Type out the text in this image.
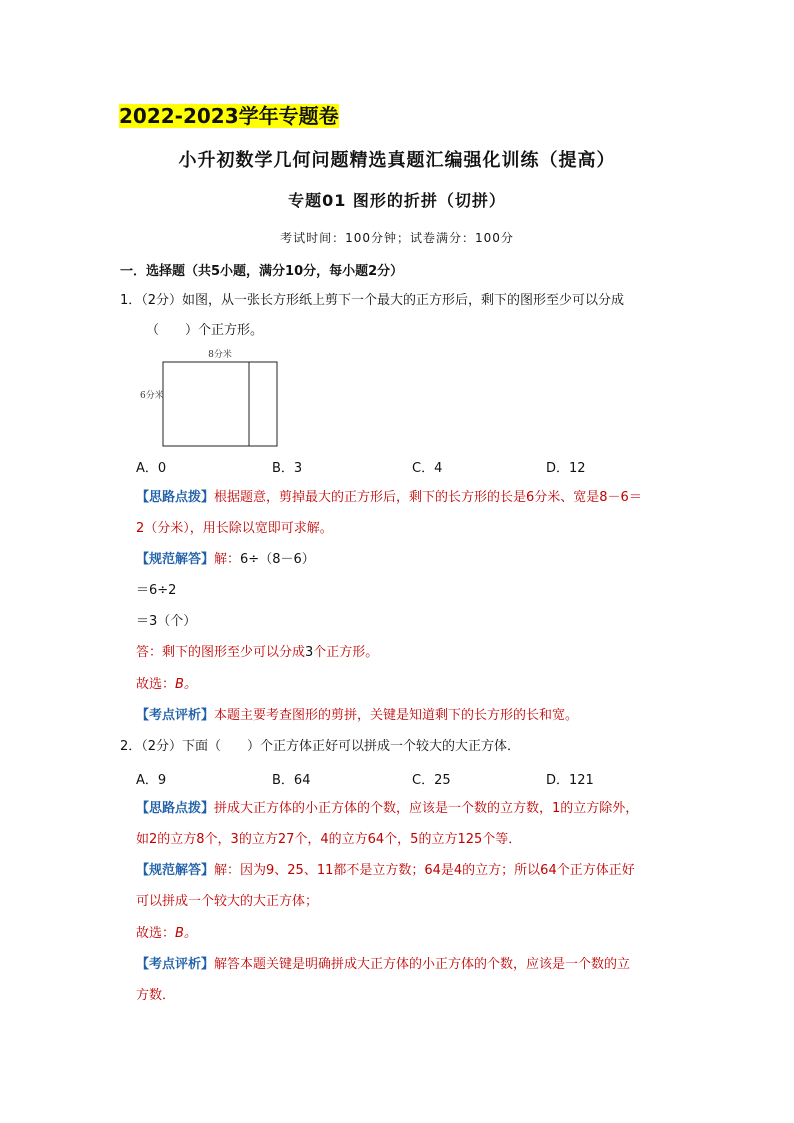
2022-2023学年专题卷
小升初数学几何问题精选真题汇编强化训练（提高）
专题01 图形的折拼（切拼）
考试时间：100分钟；试卷满分：100分
一．选择题（共5小题，满分10分，每小题2分）
1．（2分）如图，从一张长方形纸上剪下一个最大的正方形后，剩下的图形至少可以分成
（　　）个正方形。
8分米
6分米
A．0	B．3	C．4	D．12
【思路点拨】根据题意，剪掉最大的正方形后，剩下的长方形的长是6分米、宽是8－6＝
2（分米），用长除以宽即可求解。
【规范解答】解：6÷（8－6）
＝6÷2
＝3（个）
答：剩下的图形至少可以分成3个正方形。
故选：B。
【考点评析】本题主要考查图形的剪拼，关键是知道剩下的长方形的长和宽。
2．（2分）下面（　　）个正方体正好可以拼成一个较大的大正方体．
A．9	B．64	C．25	D．121
【思路点拨】拼成大正方体的小正方体的个数，应该是一个数的立方数，1的立方除外，
如2的立方8个，3的立方27个，4的立方64个，5的立方125个等．
【规范解答】解：因为9、25、11都不是立方数；64是4的立方；所以64个正方体正好
可以拼成一个较大的大正方体；
故选：B。
【考点评析】解答本题关键是明确拼成大正方体的小正方体的个数，应该是一个数的立
方数．
